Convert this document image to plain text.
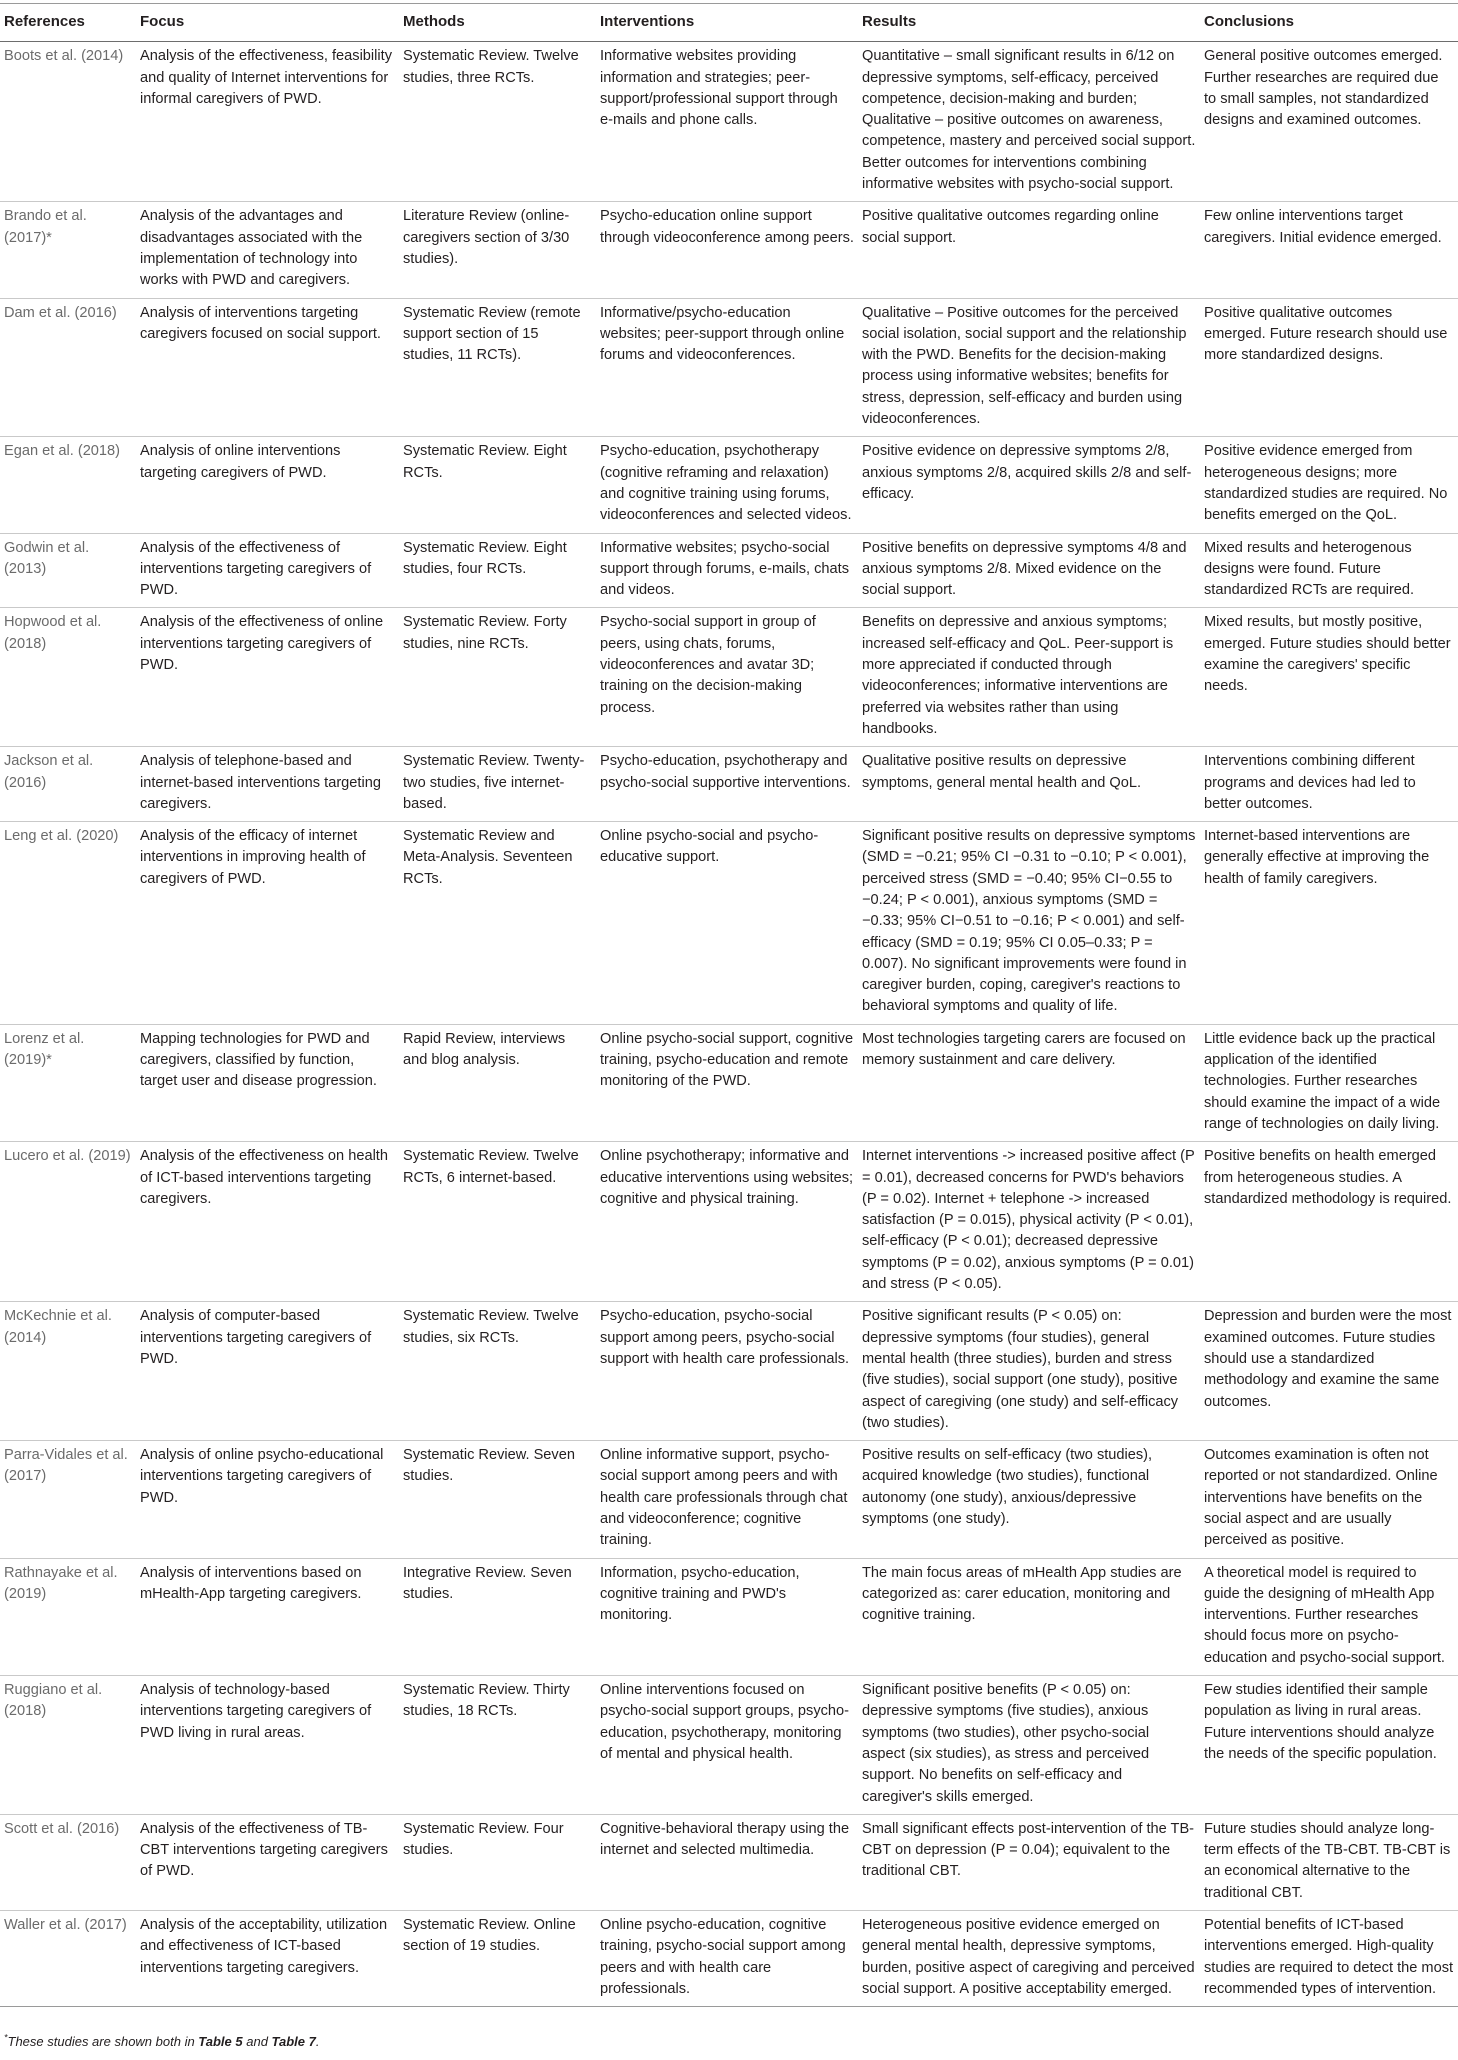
References	Focus	Methods	Interventions	Results	Conclusions
Boots et al. (2014)	Analysis of the effectiveness, feasibility and quality of Internet interventions for informal caregivers of PWD.	Systematic Review. Twelve studies, three RCTs.	Informative websites providing information and strategies; peer-support/professional support through e-mails and phone calls.	Quantitative – small significant results in 6/12 on depressive symptoms, self-efficacy, perceived competence, decision-making and burden; Qualitative – positive outcomes on awareness, competence, mastery and perceived social support. Better outcomes for interventions combining informative websites with psycho-social support.	General positive outcomes emerged. Further researches are required due to small samples, not standardized designs and examined outcomes.
Brando et al. (2017)*	Analysis of the advantages and disadvantages associated with the implementation of technology into works with PWD and caregivers.	Literature Review (online-caregivers section of 3/30 studies).	Psycho-education online support through videoconference among peers.	Positive qualitative outcomes regarding online social support.	Few online interventions target caregivers. Initial evidence emerged.
Dam et al. (2016)	Analysis of interventions targeting caregivers focused on social support.	Systematic Review (remote support section of 15 studies, 11 RCTs).	Informative/psycho-education websites; peer-support through online forums and videoconferences.	Qualitative – Positive outcomes for the perceived social isolation, social support and the relationship with the PWD. Benefits for the decision-making process using informative websites; benefits for stress, depression, self-efficacy and burden using videoconferences.	Positive qualitative outcomes emerged. Future research should use more standardized designs.
Egan et al. (2018)	Analysis of online interventions targeting caregivers of PWD.	Systematic Review. Eight RCTs.	Psycho-education, psychotherapy (cognitive reframing and relaxation) and cognitive training using forums, videoconferences and selected videos.	Positive evidence on depressive symptoms 2/8, anxious symptoms 2/8, acquired skills 2/8 and self-efficacy.	Positive evidence emerged from heterogeneous designs; more standardized studies are required. No benefits emerged on the QoL.
Godwin et al. (2013)	Analysis of the effectiveness of interventions targeting caregivers of PWD.	Systematic Review. Eight studies, four RCTs.	Informative websites; psycho-social support through forums, e-mails, chats and videos.	Positive benefits on depressive symptoms 4/8 and anxious symptoms 2/8. Mixed evidence on the social support.	Mixed results and heterogenous designs were found. Future standardized RCTs are required.
Hopwood et al. (2018)	Analysis of the effectiveness of online interventions targeting caregivers of PWD.	Systematic Review. Forty studies, nine RCTs.	Psycho-social support in group of peers, using chats, forums, videoconferences and avatar 3D; training on the decision-making process.	Benefits on depressive and anxious symptoms; increased self-efficacy and QoL. Peer-support is more appreciated if conducted through videoconferences; informative interventions are preferred via websites rather than using handbooks.	Mixed results, but mostly positive, emerged. Future studies should better examine the caregivers' specific needs.
Jackson et al. (2016)	Analysis of telephone-based and internet-based interventions targeting caregivers.	Systematic Review. Twenty-two studies, five internet-based.	Psycho-education, psychotherapy and psycho-social supportive interventions.	Qualitative positive results on depressive symptoms, general mental health and QoL.	Interventions combining different programs and devices had led to better outcomes.
Leng et al. (2020)	Analysis of the efficacy of internet interventions in improving health of caregivers of PWD.	Systematic Review and Meta-Analysis. Seventeen RCTs.	Online psycho-social and psycho-educative support.	Significant positive results on depressive symptoms (SMD = −0.21; 95% CI −0.31 to −0.10; P < 0.001), perceived stress (SMD = −0.40; 95% CI−0.55 to −0.24; P < 0.001), anxious symptoms (SMD = −0.33; 95% CI−0.51 to −0.16; P < 0.001) and self-efficacy (SMD = 0.19; 95% CI 0.05–0.33; P = 0.007). No significant improvements were found in caregiver burden, coping, caregiver's reactions to behavioral symptoms and quality of life.	Internet-based interventions are generally effective at improving the health of family caregivers.
Lorenz et al. (2019)*	Mapping technologies for PWD and caregivers, classified by function, target user and disease progression.	Rapid Review, interviews and blog analysis.	Online psycho-social support, cognitive training, psycho-education and remote monitoring of the PWD.	Most technologies targeting carers are focused on memory sustainment and care delivery.	Little evidence back up the practical application of the identified technologies. Further researches should examine the impact of a wide range of technologies on daily living.
Lucero et al. (2019)	Analysis of the effectiveness on health of ICT-based interventions targeting caregivers.	Systematic Review. Twelve RCTs, 6 internet-based.	Online psychotherapy; informative and educative interventions using websites; cognitive and physical training.	Internet interventions -> increased positive affect (P = 0.01), decreased concerns for PWD's behaviors (P = 0.02). Internet + telephone -> increased satisfaction (P = 0.015), physical activity (P < 0.01), self-efficacy (P < 0.01); decreased depressive symptoms (P = 0.02), anxious symptoms (P = 0.01) and stress (P < 0.05).	Positive benefits on health emerged from heterogeneous studies. A standardized methodology is required.
McKechnie et al. (2014)	Analysis of computer-based interventions targeting caregivers of PWD.	Systematic Review. Twelve studies, six RCTs.	Psycho-education, psycho-social support among peers, psycho-social support with health care professionals.	Positive significant results (P < 0.05) on: depressive symptoms (four studies), general mental health (three studies), burden and stress (five studies), social support (one study), positive aspect of caregiving (one study) and self-efficacy (two studies).	Depression and burden were the most examined outcomes. Future studies should use a standardized methodology and examine the same outcomes.
Parra-Vidales et al. (2017)	Analysis of online psycho-educational interventions targeting caregivers of PWD.	Systematic Review. Seven studies.	Online informative support, psycho-social support among peers and with health care professionals through chat and videoconference; cognitive training.	Positive results on self-efficacy (two studies), acquired knowledge (two studies), functional autonomy (one study), anxious/depressive symptoms (one study).	Outcomes examination is often not reported or not standardized. Online interventions have benefits on the social aspect and are usually perceived as positive.
Rathnayake et al. (2019)	Analysis of interventions based on mHealth-App targeting caregivers.	Integrative Review. Seven studies.	Information, psycho-education, cognitive training and PWD's monitoring.	The main focus areas of mHealth App studies are categorized as: carer education, monitoring and cognitive training.	A theoretical model is required to guide the designing of mHealth App interventions. Further researches should focus more on psycho-education and psycho-social support.
Ruggiano et al. (2018)	Analysis of technology-based interventions targeting caregivers of PWD living in rural areas.	Systematic Review. Thirty studies, 18 RCTs.	Online interventions focused on psycho-social support groups, psycho-education, psychotherapy, monitoring of mental and physical health.	Significant positive benefits (P < 0.05) on: depressive symptoms (five studies), anxious symptoms (two studies), other psycho-social aspect (six studies), as stress and perceived support. No benefits on self-efficacy and caregiver's skills emerged.	Few studies identified their sample population as living in rural areas. Future interventions should analyze the needs of the specific population.
Scott et al. (2016)	Analysis of the effectiveness of TB-CBT interventions targeting caregivers of PWD.	Systematic Review. Four studies.	Cognitive-behavioral therapy using the internet and selected multimedia.	Small significant effects post-intervention of the TB-CBT on depression (P = 0.04); equivalent to the traditional CBT.	Future studies should analyze long-term effects of the TB-CBT. TB-CBT is an economical alternative to the traditional CBT.
Waller et al. (2017)	Analysis of the acceptability, utilization and effectiveness of ICT-based interventions targeting caregivers.	Systematic Review. Online section of 19 studies.	Online psycho-education, cognitive training, psycho-social support among peers and with health care professionals.	Heterogeneous positive evidence emerged on general mental health, depressive symptoms, burden, positive aspect of caregiving and perceived social support. A positive acceptability emerged.	Potential benefits of ICT-based interventions emerged. High-quality studies are required to detect the most recommended types of intervention.
*These studies are shown both in Table 5 and Table 7.
